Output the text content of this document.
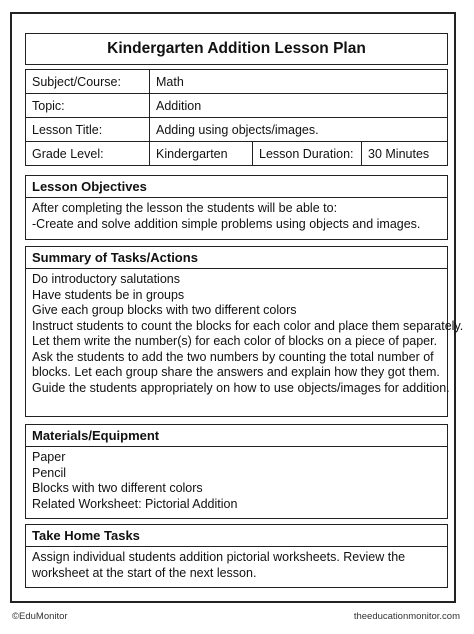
Kindergarten Addition Lesson Plan
Subject/Course:	Math		
Topic:	Addition		
Lesson Title:	Adding using objects/images.		
Grade Level:	Kindergarten	Lesson Duration:	30 Minutes
Lesson Objectives
After completing the lesson the students will be able to:
-Create and solve addition simple problems using objects and images.
Summary of Tasks/Actions
Do introductory salutations
Have students be in groups
Give each group blocks with two different colors
Instruct students to count the blocks for each color and place them separately.
Let them write the number(s) for each color of blocks on a piece of paper.
Ask the students to add the two numbers by counting the total number of
blocks. Let each group share the answers and explain how they got them.
Guide the students appropriately on how to use objects/images for addition.
Materials/Equipment
Paper
Pencil
Blocks with two different colors
Related Worksheet: Pictorial Addition
Take Home Tasks
Assign individual students addition pictorial worksheets. Review the
worksheet at the start of the next lesson.
©EduMonitor	theeducationmonitor.com
